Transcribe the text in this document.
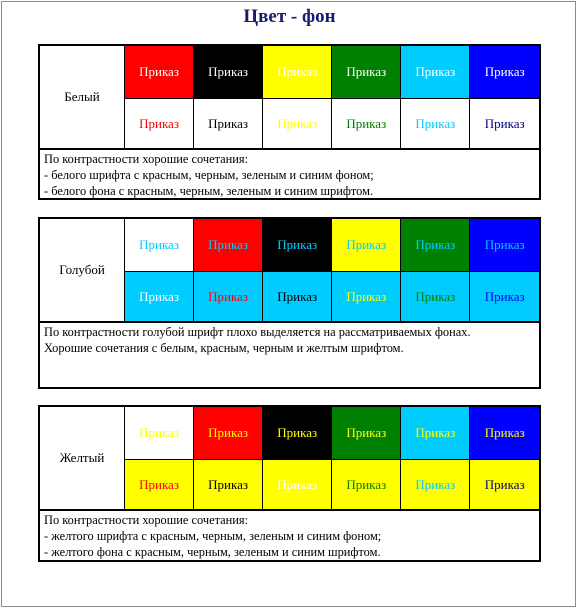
Цвет - фон
Белый	Приказ	Приказ	Приказ	Приказ	Приказ	Приказ
	Приказ	Приказ	Приказ	Приказ	Приказ	Приказ
По контрастности хорошие сочетания:
- белого шрифта с красным, черным, зеленым и синим фоном;
- белого фона с красным, черным, зеленым и синим шрифтом.
Голубой	Приказ	Приказ	Приказ	Приказ	Приказ	Приказ
	Приказ	Приказ	Приказ	Приказ	Приказ	Приказ
По контрастности голубой шрифт плохо выделяется на рассматриваемых фонах.
Хорошие сочетания с белым, красным, черным и желтым шрифтом.
Желтый	Приказ	Приказ	Приказ	Приказ	Приказ	Приказ
	Приказ	Приказ	Приказ	Приказ	Приказ	Приказ
По контрастности хорошие сочетания:
- желтого шрифта с красным, черным, зеленым и синим фоном;
- желтого фона с красным, черным, зеленым и синим шрифтом.
